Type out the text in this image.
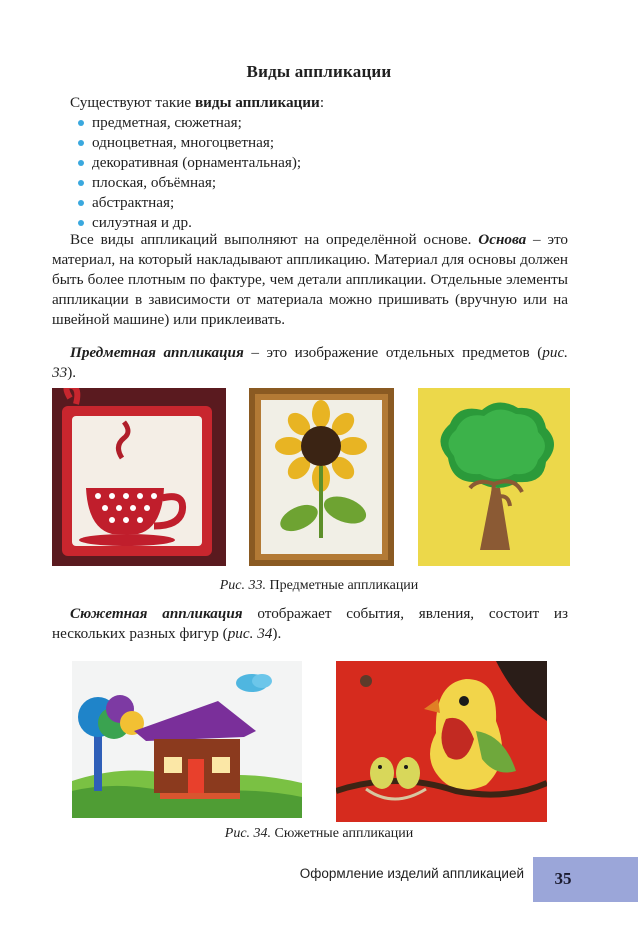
Виды аппликации
Существуют такие виды аппликации:
предметная, сюжетная;
одноцветная, многоцветная;
декоративная (орнаментальная);
плоская, объёмная;
абстрактная;
силуэтная и др.

Все виды аппликаций выполняют на определённой основе. Основа – это материал, на который накладывают аппликацию. Материал для основы должен быть более плотным по фактуре, чем детали аппликации. Отдельные элементы аппликации в зависимости от материала можно пришивать (вручную или на швейной машине) или приклеивать.

Предметная аппликация – это изображение отдельных предметов (рис. 33).

Рис. 33. Предметные аппликации

Сюжетная аппликация отображает события, явления, состоит из нескольких разных фигур (рис. 34).

Рис. 34. Сюжетные аппликации
Оформление изделий аппликацией	35
